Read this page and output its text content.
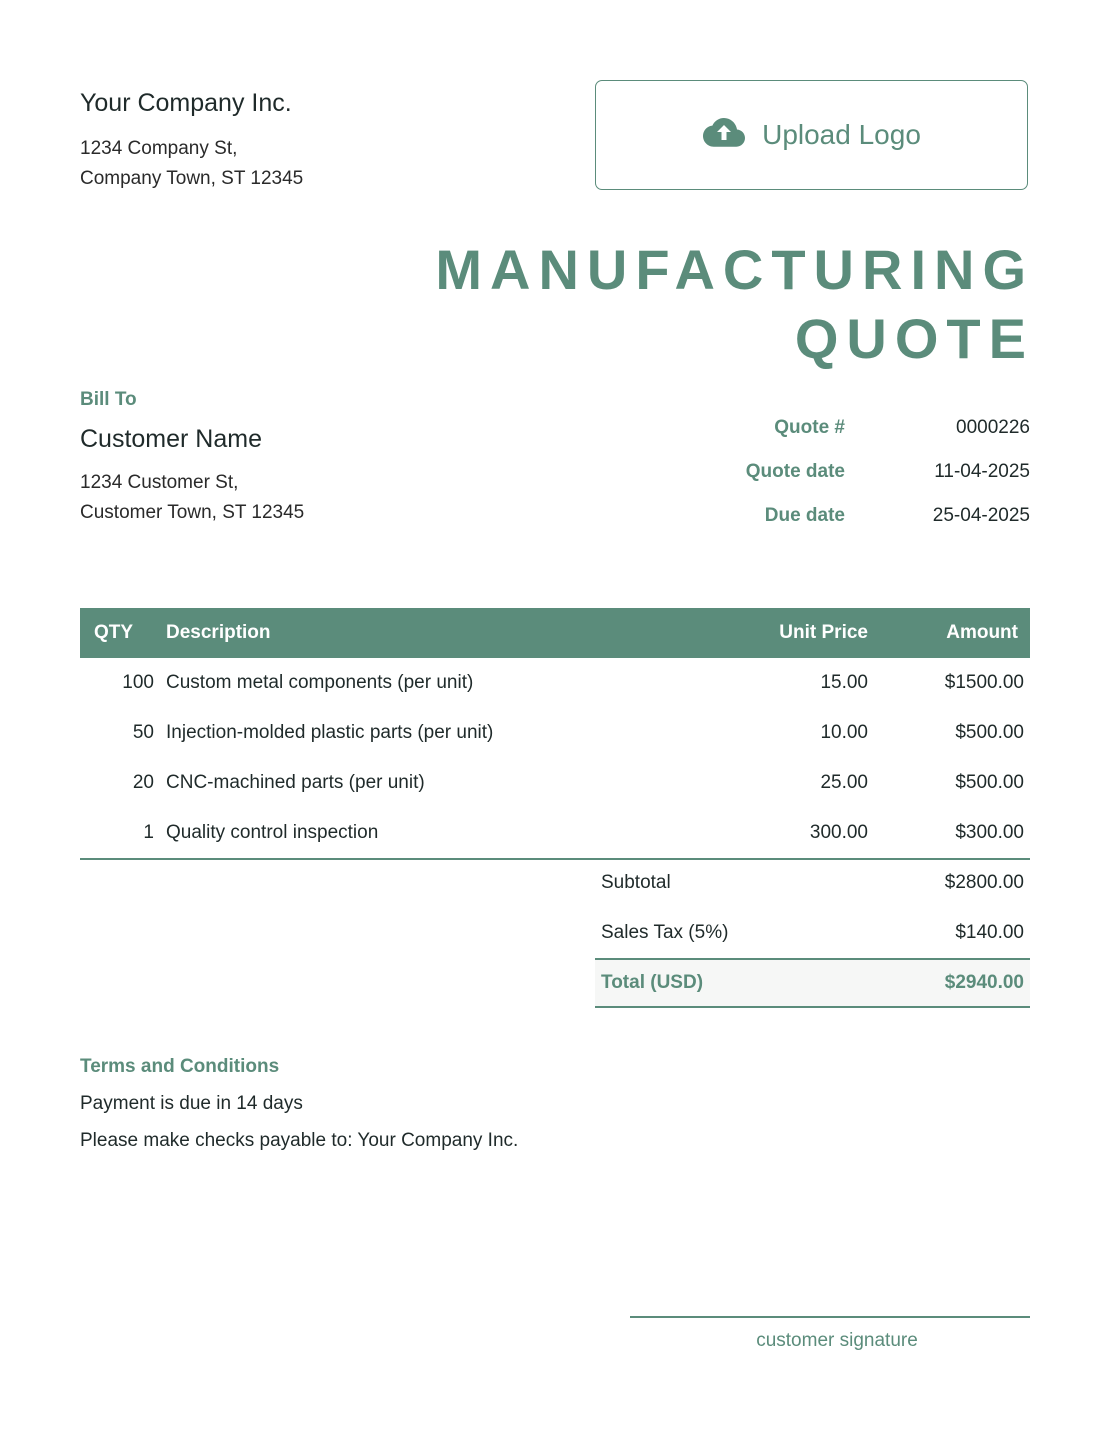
Your Company Inc.
1234 Company St,
Company Town, ST 12345
Upload Logo
MANUFACTURING
QUOTE
Bill To
Customer Name
1234 Customer St,
Customer Town, ST 12345
Quote #	0000226
Quote date	11-04-2025
Due date	25-04-2025
QTY	Description	Unit Price	Amount
100	Custom metal components (per unit)	15.00	$1500.00
50	Injection-molded plastic parts (per unit)	10.00	$500.00
20	CNC-machined parts (per unit)	25.00	$500.00
1	Quality control inspection	300.00	$300.00
Subtotal	$2800.00
Sales Tax (5%)	$140.00
Total (USD)	$2940.00
Terms and Conditions
Payment is due in 14 days
Please make checks payable to: Your Company Inc.
customer signature
